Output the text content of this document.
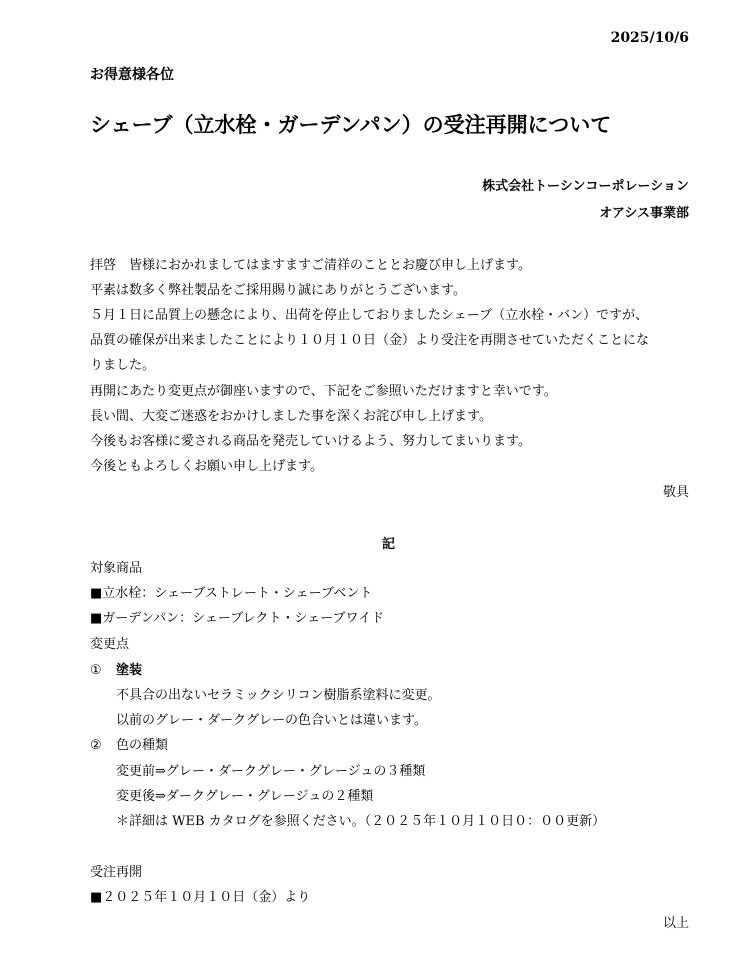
2025/10/6
お得意様各位
シェーブ（立水栓・ガーデンパン）の受注再開について
株式会社トーシンコーポレーション
オアシス事業部
拝啓　皆様におかれましてはますますご清祥のこととお慶び申し上げます。
平素は数多く弊社製品をご採用賜り誠にありがとうございます。
５月１日に品質上の懸念により、出荷を停止しておりましたシェーブ（立水栓・バン）ですが、
品質の確保が出来ましたことにより１０月１０日（金）より受注を再開させていただくことにな
りました。
再開にあたり変更点が御座いますので、下記をご参照いただけますと幸いです。
長い間、大変ご迷惑をおかけしました事を深くお詫び申し上げます。
今後もお客様に愛される商品を発売していけるよう、努力してまいります。
今後ともよろしくお願い申し上げます。
敬具
記
対象商品
■立水栓：シェーブストレート・シェーブベント
■ガーデンパン：シェーブレクト・シェーブワイド
変更点
① 塗装
不具合の出ないセラミックシリコン樹脂系塗料に変更。
以前のグレー・ダークグレーの色合いとは違います。
② 色の種類
変更前⇒グレー・ダークグレー・グレージュの３種類
変更後⇒ダークグレー・グレージュの２種類
＊詳細は WEB カタログを参照ください。（２０２５年１０月１０日０：００更新）
受注再開
■２０２５年１０月１０日（金）より
以上
